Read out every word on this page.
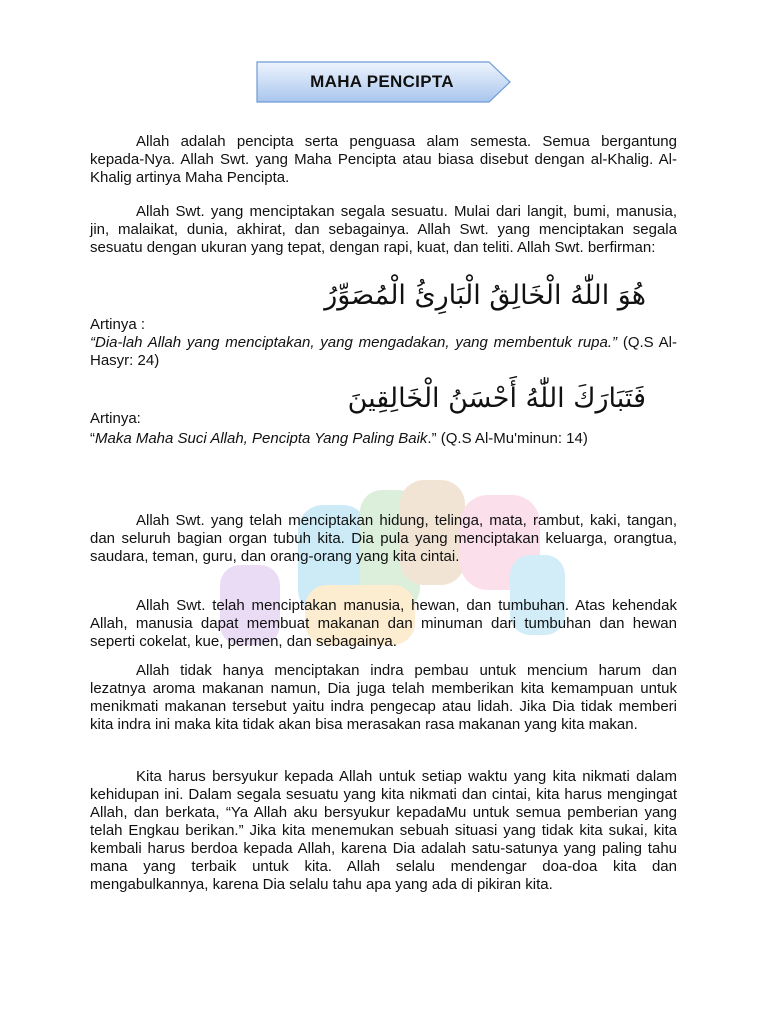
MAHA PENCIPTA

Allah adalah pencipta serta penguasa alam semesta. Semua bergantung kepada-Nya. Allah Swt. yang Maha Pencipta atau biasa disebut dengan al-Khalig. Al-Khalig artinya Maha Pencipta.

Allah Swt. yang menciptakan segala sesuatu. Mulai dari langit, bumi, manusia, jin, malaikat, dunia, akhirat, dan sebagainya. Allah Swt. yang menciptakan segala sesuatu dengan ukuran yang tepat, dengan rapi, kuat, dan teliti. Allah Swt. berfirman:

هُوَ اللّٰهُ الْخَالِقُ الْبَارِئُ الْمُصَوِّرُ

Artinya :

“Dia-lah Allah yang menciptakan, yang mengadakan, yang membentuk rupa.” (Q.S Al-Hasyr: 24)

فَتَبَارَكَ اللّٰهُ أَحْسَنُ الْخَالِقِينَ

Artinya:

“Maka Maha Suci Allah, Pencipta Yang Paling Baik.” (Q.S Al-Mu'minun: 14)

Allah Swt. yang telah menciptakan hidung, telinga, mata, rambut, kaki, tangan, dan seluruh bagian organ tubuh kita. Dia pula yang menciptakan keluarga, orangtua, saudara, teman, guru, dan orang-orang yang kita cintai.

Allah Swt. telah menciptakan manusia, hewan, dan tumbuhan. Atas kehendak Allah, manusia dapat membuat makanan dan minuman dari tumbuhan dan hewan seperti cokelat, kue, permen, dan sebagainya.

Allah tidak hanya menciptakan indra pembau untuk mencium harum dan lezatnya aroma makanan namun, Dia juga telah memberikan kita kemampuan untuk menikmati makanan tersebut yaitu indra pengecap atau lidah. Jika Dia tidak memberi kita indra ini maka kita tidak akan bisa merasakan rasa makanan yang kita makan.

Kita harus bersyukur kepada Allah untuk setiap waktu yang kita nikmati dalam kehidupan ini. Dalam segala sesuatu yang kita nikmati dan cintai, kita harus mengingat Allah, dan berkata, “Ya Allah aku bersyukur kepadaMu untuk semua pemberian yang telah Engkau berikan.” Jika kita menemukan sebuah situasi yang tidak kita sukai, kita kembali harus berdoa kepada Allah, karena Dia adalah satu-satunya yang paling tahu mana yang terbaik untuk kita. Allah selalu mendengar doa-doa kita dan mengabulkannya, karena Dia selalu tahu apa yang ada di pikiran kita.
